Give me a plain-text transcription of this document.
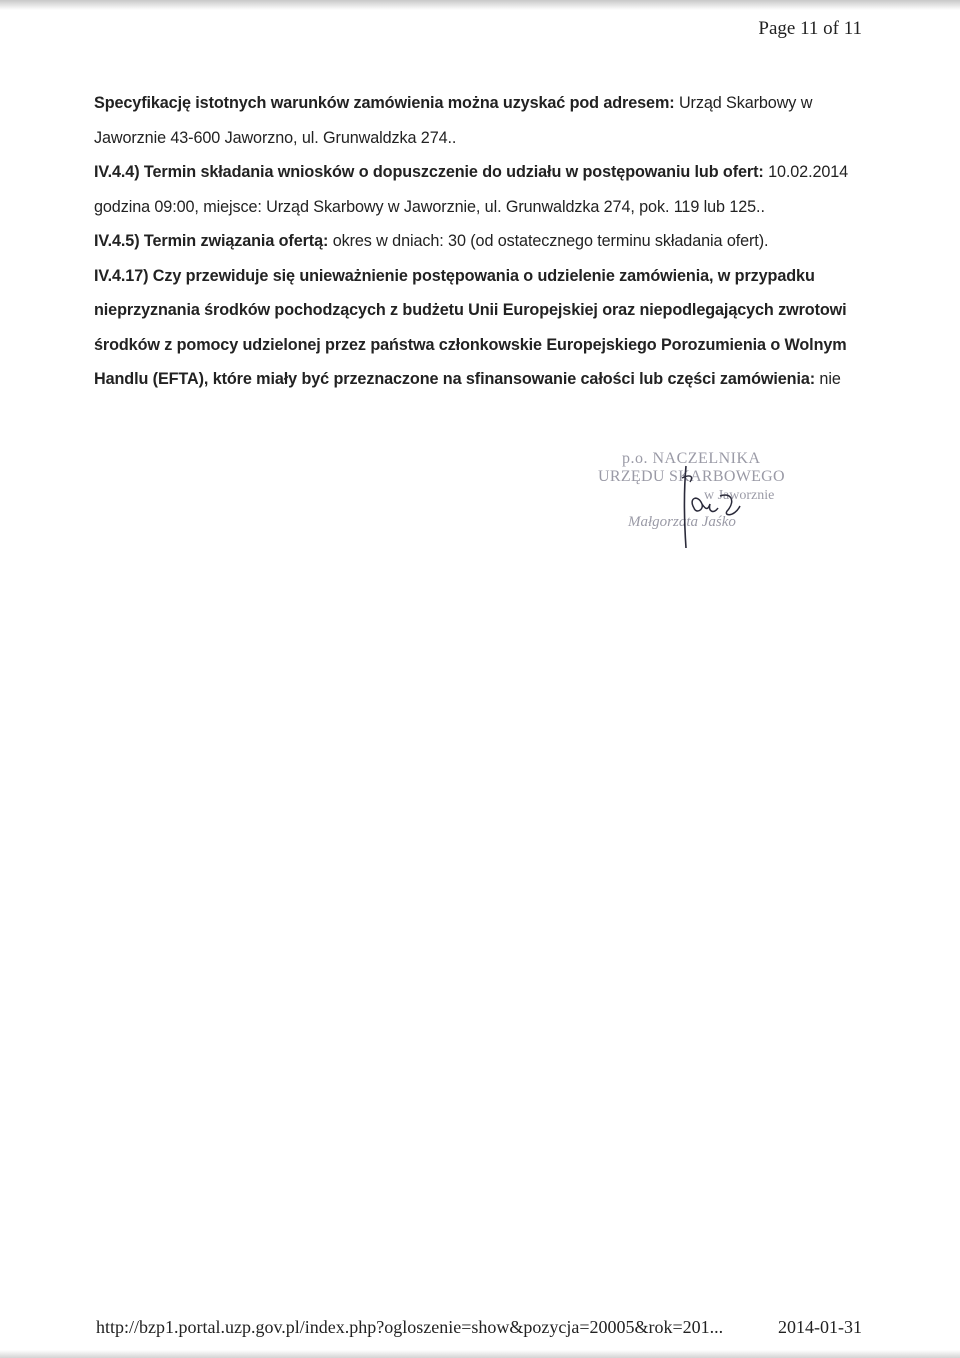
Page 11 of 11
Specyfikację istotnych warunków zamówienia można uzyskać pod adresem: Urząd Skarbowy w
Jaworznie 43-600 Jaworzno, ul. Grunwaldzka 274..
IV.4.4) Termin składania wniosków o dopuszczenie do udziału w postępowaniu lub ofert: 10.02.2014
godzina 09:00, miejsce: Urząd Skarbowy w Jaworznie, ul. Grunwaldzka 274, pok. 119 lub 125..
IV.4.5) Termin związania ofertą: okres w dniach: 30 (od ostatecznego terminu składania ofert).
IV.4.17) Czy przewiduje się unieważnienie postępowania o udzielenie zamówienia, w przypadku
nieprzyznania środków pochodzących z budżetu Unii Europejskiej oraz niepodlegających zwrotowi
środków z pomocy udzielonej przez państwa członkowskie Europejskiego Porozumienia o Wolnym
Handlu (EFTA), które miały być przeznaczone na sfinansowanie całości lub części zamówienia: nie
p.o. NACZELNIKA
URZĘDU SKARBOWEGO
w Jaworznie
Małgorzata Jaśko
http://bzp1.portal.uzp.gov.pl/index.php?ogloszenie=show&pozycja=20005&rok=201...	2014-01-31
